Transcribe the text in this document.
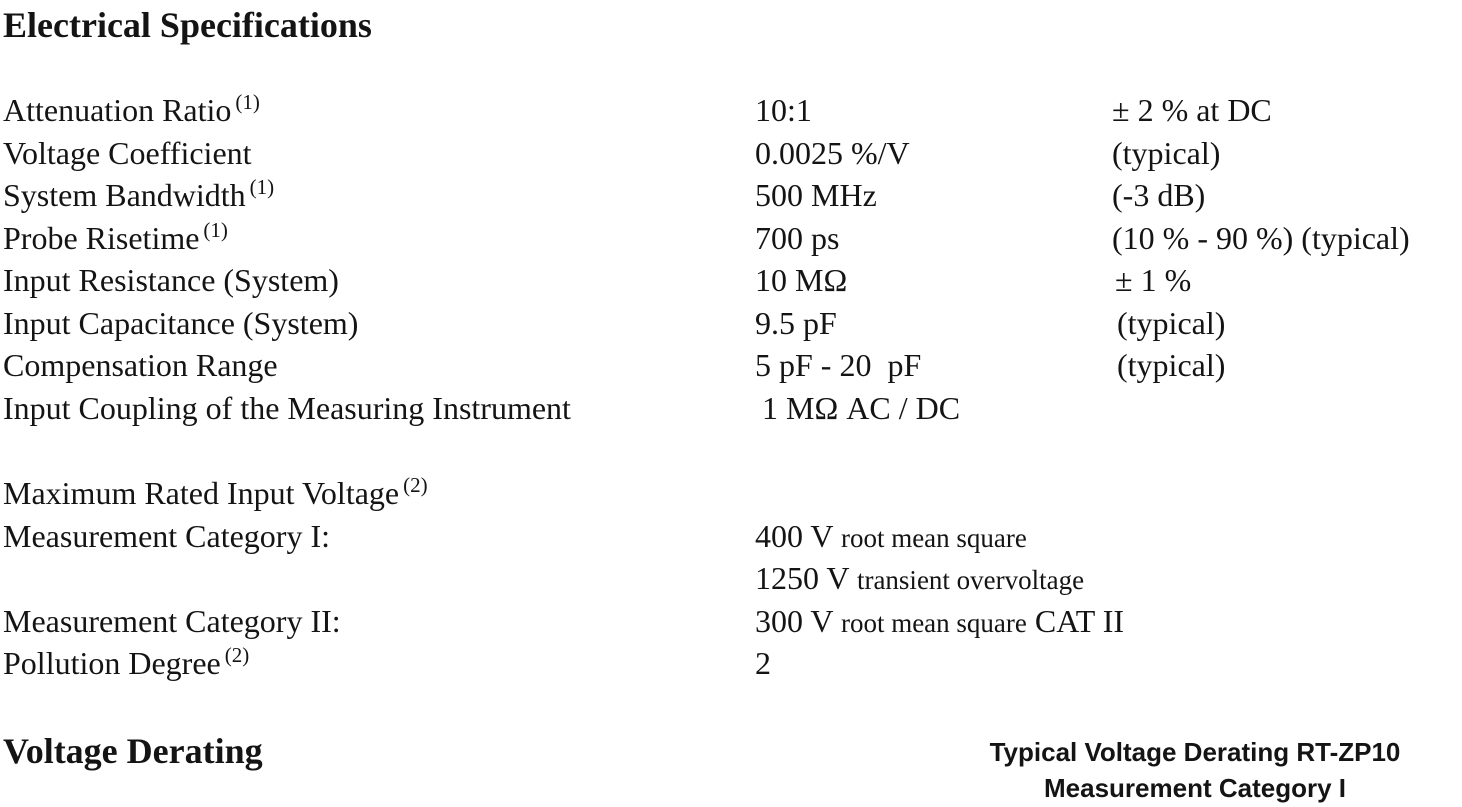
Electrical Specifications
Attenuation Ratio $^{(1)}$	10:1	± 2 % at DC
Voltage Coefficient	0.0025 %/V	(typical)
System Bandwidth $^{(1)}$	500 MHz	(-3 dB)
Probe Risetime $^{(1)}$	700 ps	(10 % - 90 %) (typical)
Input Resistance (System)	10 MΩ	± 1 %
Input Capacitance (System)	9.5 pF	(typical)
Compensation Range	5 pF - 20  pF	(typical)
Input Coupling of the Measuring Instrument	1 MΩ AC / DC
Maximum Rated Input Voltage $^{(2)}$
Measurement Category I:	400 V root mean square
1250 V transient overvoltage
Measurement Category II:	300 V root mean square CAT II
Pollution Degree $^{(2)}$	2
Voltage Derating	Typical Voltage Derating RT-ZP10
Measurement Category I
